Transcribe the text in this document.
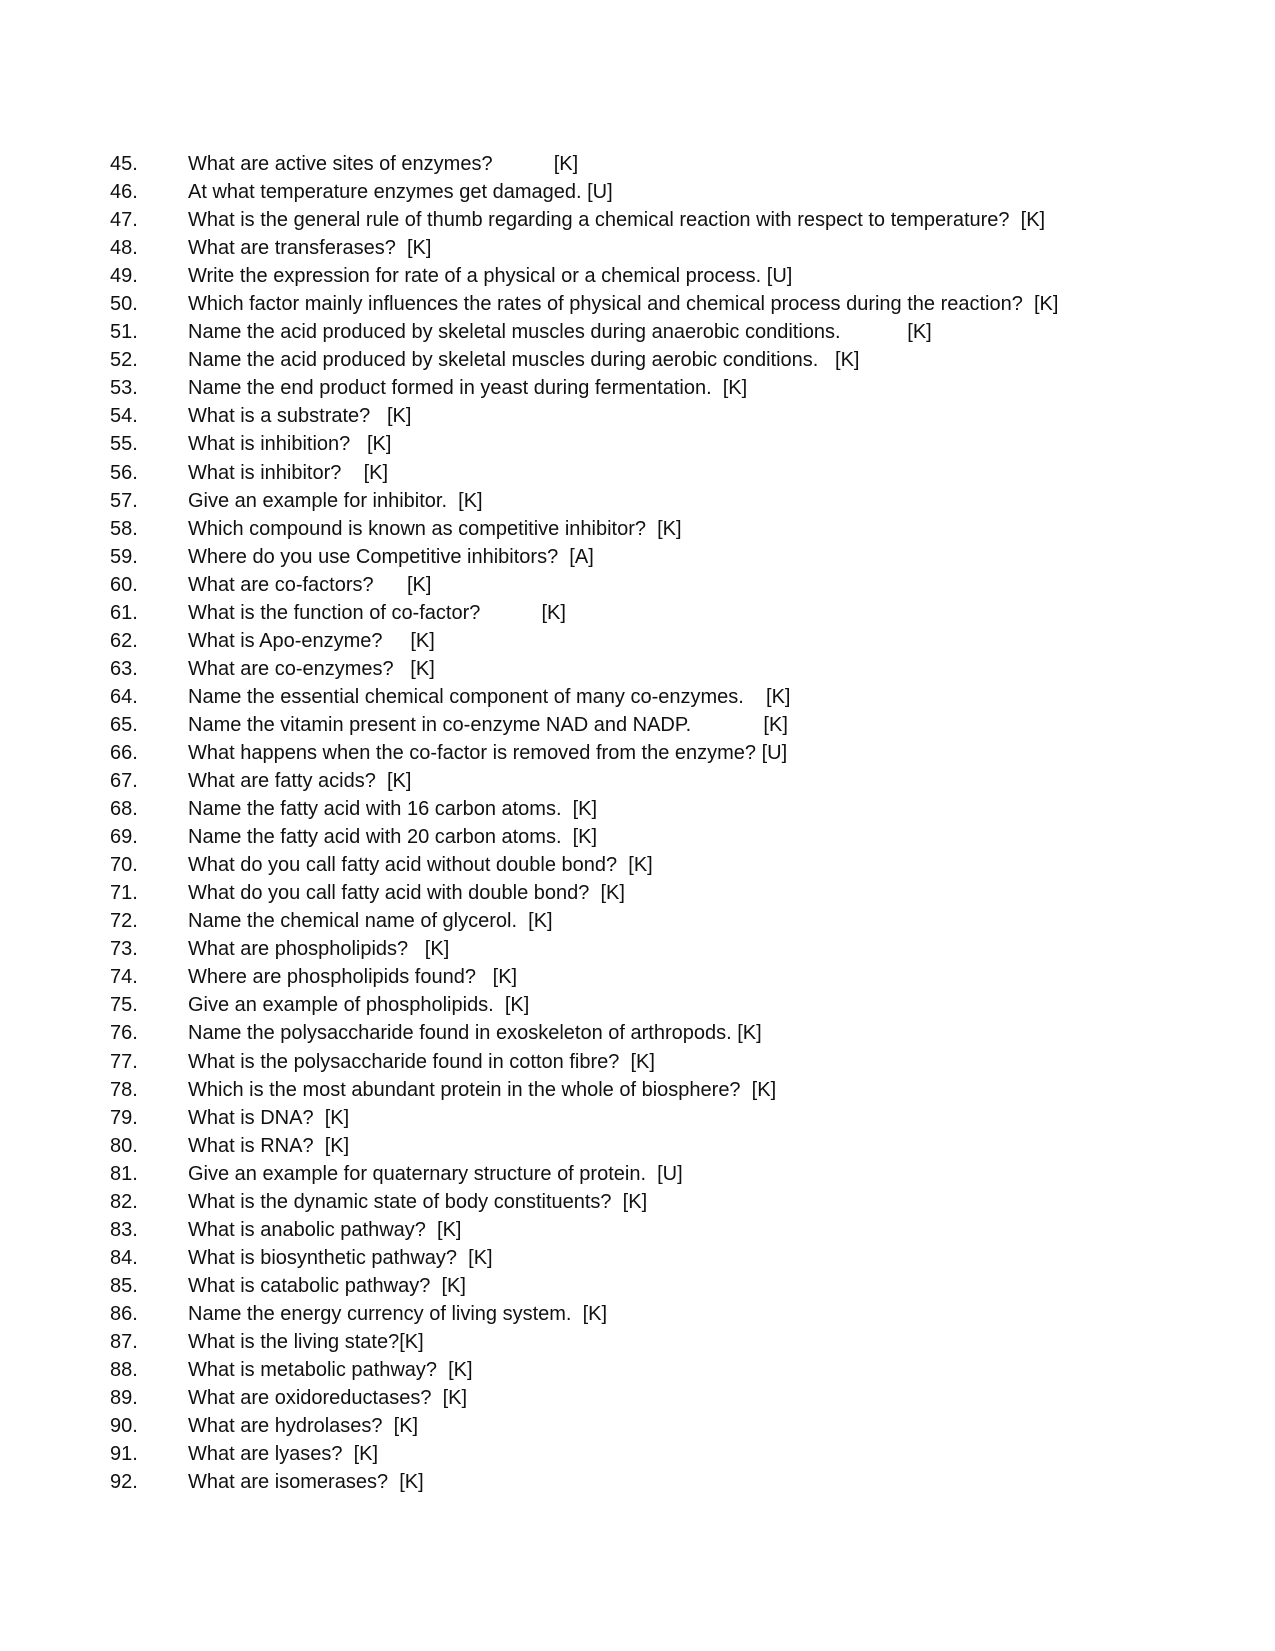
45.	What are active sites of enzymes?           [K]
46.	At what temperature enzymes get damaged. [U]
47.	What is the general rule of thumb regarding a chemical reaction with respect to temperature?  [K]
48.	What are transferases?  [K]
49.	Write the expression for rate of a physical or a chemical process. [U]
50.	Which factor mainly influences the rates of physical and chemical process during the reaction?  [K]
51.	Name the acid produced by skeletal muscles during anaerobic conditions.            [K]
52.	Name the acid produced by skeletal muscles during aerobic conditions.   [K]
53.	Name the end product formed in yeast during fermentation.  [K]
54.	What is a substrate?   [K]
55.	What is inhibition?   [K]
56.	What is inhibitor?    [K]
57.	Give an example for inhibitor.  [K]
58.	Which compound is known as competitive inhibitor?  [K]
59.	Where do you use Competitive inhibitors?  [A]
60.	What are co-factors?      [K]
61.	What is the function of co-factor?           [K]
62.	What is Apo-enzyme?     [K]
63.	What are co-enzymes?   [K]
64.	Name the essential chemical component of many co-enzymes.    [K]
65.	Name the vitamin present in co-enzyme NAD and NADP.             [K]
66.	What happens when the co-factor is removed from the enzyme? [U]
67.	What are fatty acids?  [K]
68.	Name the fatty acid with 16 carbon atoms.  [K]
69.	Name the fatty acid with 20 carbon atoms.  [K]
70.	What do you call fatty acid without double bond?  [K]
71.	What do you call fatty acid with double bond?  [K]
72.	Name the chemical name of glycerol.  [K]
73.	What are phospholipids?   [K]
74.	Where are phospholipids found?   [K]
75.	Give an example of phospholipids.  [K]
76.	Name the polysaccharide found in exoskeleton of arthropods. [K]
77.	What is the polysaccharide found in cotton fibre?  [K]
78.	Which is the most abundant protein in the whole of biosphere?  [K]
79.	What is DNA?  [K]
80.	What is RNA?  [K]
81.	Give an example for quaternary structure of protein.  [U]
82.	What is the dynamic state of body constituents?  [K]
83.	What is anabolic pathway?  [K]
84.	What is biosynthetic pathway?  [K]
85.	What is catabolic pathway?  [K]
86.	Name the energy currency of living system.  [K]
87.	What is the living state?[K]
88.	What is metabolic pathway?  [K]
89.	What are oxidoreductases?  [K]
90.	What are hydrolases?  [K]
91.	What are lyases?  [K]
92.	What are isomerases?  [K]
